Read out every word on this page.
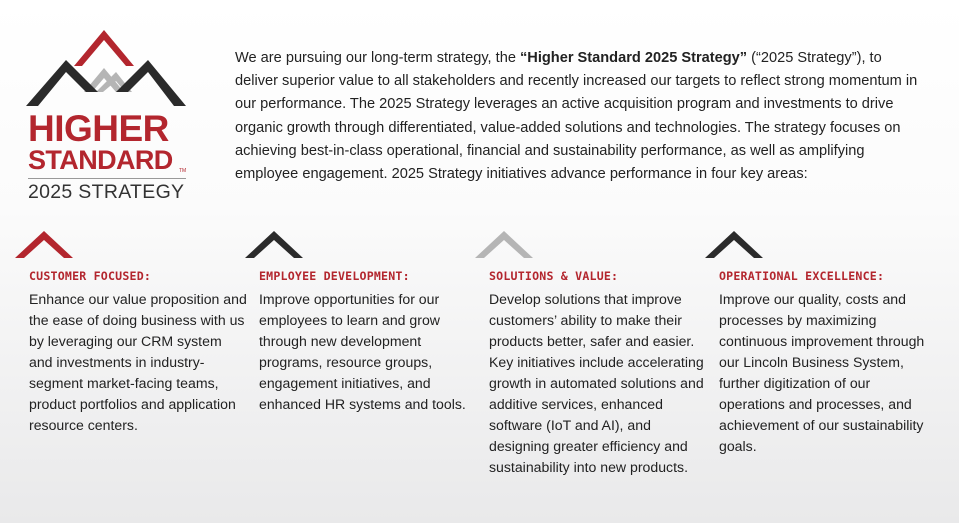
HIGHER
STANDARD TM
2025 STRATEGY

We are pursuing our long-term strategy, the “Higher Standard 2025 Strategy” (“2025 Strategy”), to deliver superior value to all stakeholders and recently increased our targets to reflect strong momentum in our performance. The 2025 Strategy leverages an active acquisition program and investments to drive organic growth through differentiated, value-added solutions and technologies. The strategy focuses on achieving best-in-class operational, financial and sustainability performance, as well as amplifying employee engagement. 2025 Strategy initiatives advance performance in four key areas:

CUSTOMER FOCUSED:
Enhance our value proposition and the ease of doing business with us by leveraging our CRM system and investments in industry-segment market-facing teams, product portfolios and application resource centers.
EMPLOYEE DEVELOPMENT:
Improve opportunities for our employees to learn and grow through new development programs, resource groups, engagement initiatives, and enhanced HR systems and tools.
SOLUTIONS & VALUE:
Develop solutions that improve customers’ ability to make their products better, safer and easier. Key initiatives include accelerating growth in automated solutions and additive services, enhanced software (IoT and AI), and designing greater efficiency and sustainability into new products.
OPERATIONAL EXCELLENCE:
Improve our quality, costs and processes by maximizing continuous improvement through our Lincoln Business System, further digitization of our operations and processes, and achievement of our sustainability goals.
